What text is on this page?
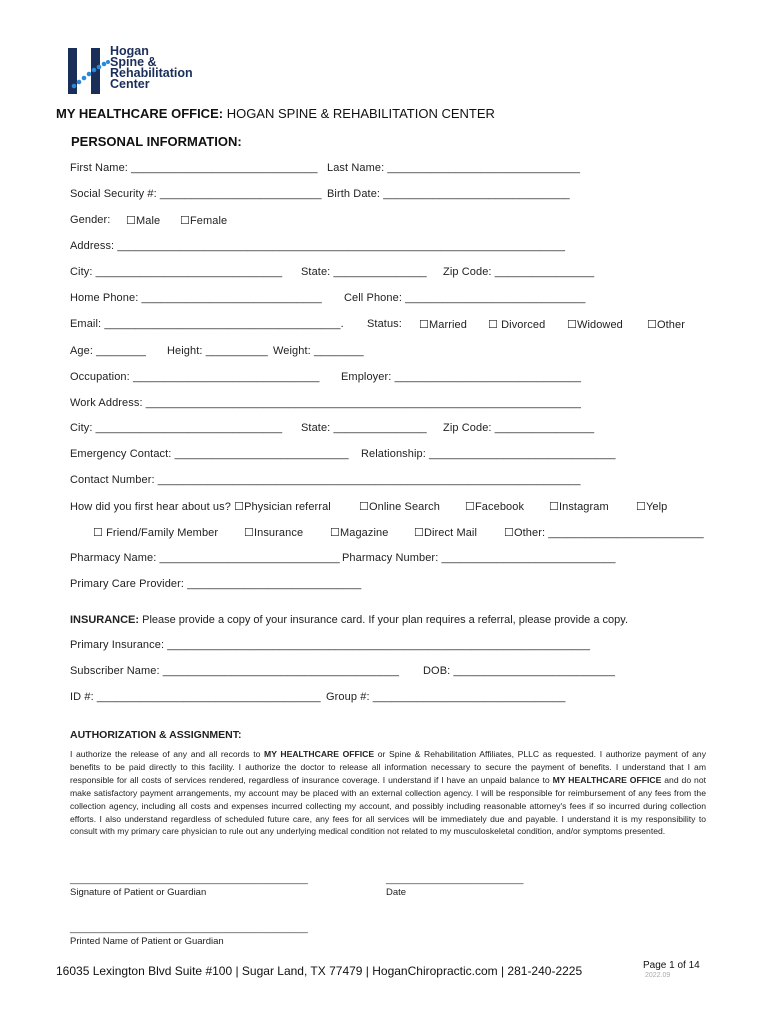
Hogan
Spine &
Rehabilitation
Center
MY HEALTHCARE OFFICE: HOGAN SPINE & REHABILITATION CENTER
PERSONAL INFORMATION:
First Name: ______________________________ Last Name: _______________________________
Social Security #: __________________________ Birth Date: ______________________________
Gender: ☐Male ☐Female
Address: ________________________________________________________________________
City: ______________________________ State: _______________ Zip Code: ________________
Home Phone: _____________________________ Cell Phone: _____________________________
Email: ______________________________________. Status: ☐Married ☐ Divorced ☐Widowed ☐Other
Age: ________ Height: __________ Weight: ________
Occupation: ______________________________ Employer: ______________________________
Work Address: ______________________________________________________________________
City: ______________________________ State: _______________ Zip Code: ________________
Emergency Contact: ____________________________ Relationship: ______________________________
Contact Number: ____________________________________________________________________
How did you first hear about us? ☐Physician referral	☐Online Search ☐Facebook ☐Instagram ☐Yelp
☐ Friend/Family Member ☐Insurance ☐Magazine ☐Direct Mail ☐Other: _________________________
Pharmacy Name: _____________________________ Pharmacy Number: ____________________________
Primary Care Provider: ____________________________
INSURANCE: Please provide a copy of your insurance card. If your plan requires a referral, please provide a copy.
Primary Insurance: ____________________________________________________________________
Subscriber Name: ______________________________________ DOB: __________________________
ID #: ____________________________________ Group #: _______________________________
AUTHORIZATION & ASSIGNMENT:
I authorize the release of any and all records to MY HEALTHCARE OFFICE or Spine & Rehabilitation Affiliates, PLLC as requested. I authorize payment of any benefits to be paid directly to this facility. I authorize the doctor to release all information necessary to secure the payment of benefits. I understand that I am responsible for all costs of services rendered, regardless of insurance coverage. I understand if I have an unpaid balance to MY HEALTHCARE OFFICE and do not make satisfactory payment arrangements, my account may be placed with an external collection agency. I will be responsible for reimbursement of any fees from the collection agency, including all costs and expenses incurred collecting my account, and possibly including reasonable attorney's fees if so incurred during collection efforts. I also understand regardless of scheduled future care, any fees for all services will be immediately due and payable. I understand it is my responsibility to consult with my primary care physician to rule out any underlying medical condition not related to my musculoskeletal condition, and/or symptoms presented.
_____________________________________________
Signature of Patient or Guardian
__________________________
Date
_____________________________________________
Printed Name of Patient or Guardian
16035 Lexington Blvd Suite #100 | Sugar Land, TX 77479 | HoganChiropractic.com | 281-240-2225	Page 1 of 14
2022.09
